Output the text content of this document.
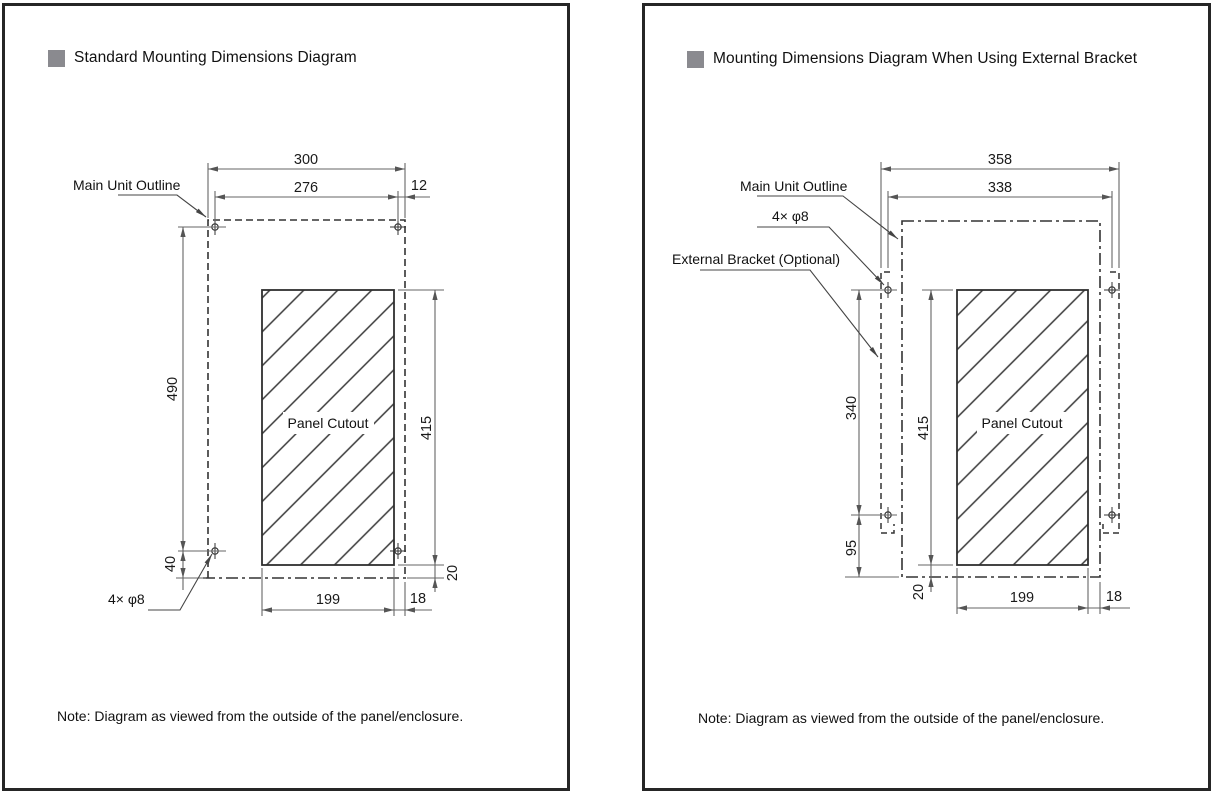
Standard Mounting Dimensions Diagram	Mounting Dimensions Diagram When Using External Bracket
Note: Diagram as viewed from the outside of the panel/enclosure.	Note: Diagram as viewed from the outside of the panel/enclosure.
Panel Cutout
300
276	12
490
40
415
20
199	18
Main Unit Outline
4× φ8
Panel Cutout
358
338
340
95
415
20	199	18
Main Unit Outline
4× φ8
External Bracket (Optional)
